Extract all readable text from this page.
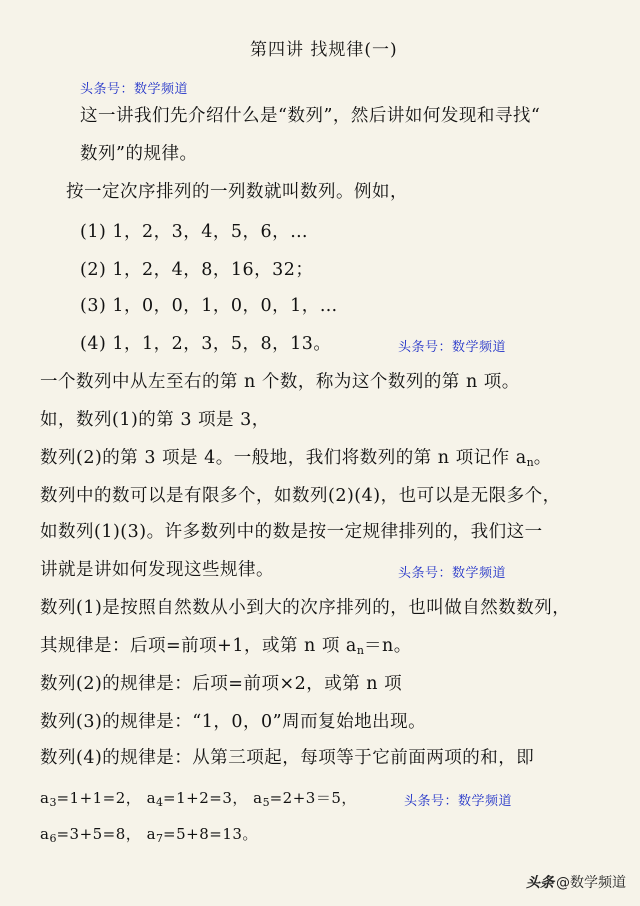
第四讲 找规律(一)
头条号：数学频道
这一讲我们先介绍什么是“数列”，然后讲如何发现和寻找“
数列”的规律。
按一定次序排列的一列数就叫数列。例如，
(1) 1，2，3，4，5，6，…
(2) 1，2，4，8，16，32；
(3) 1，0，0，1，0，0，1，…
(4) 1，1，2，3，5，8，13。	头条号：数学频道
一个数列中从左至右的第 n 个数，称为这个数列的第 n 项。
如，数列(1)的第 3 项是 3，
数列(2)的第 3 项是 4。一般地，我们将数列的第 n 项记作 $a_n$。
数列中的数可以是有限多个，如数列(2)(4)，也可以是无限多个，
如数列(1)(3)。许多数列中的数是按一定规律排列的，我们这一
讲就是讲如何发现这些规律。	头条号：数学频道
数列(1)是按照自然数从小到大的次序排列的，也叫做自然数数列，
其规律是：后项=前项+1，或第 n 项 $a_n=n$。
数列(2)的规律是：后项=前项×2，或第 n 项
数列(3)的规律是：“1，0，0”周而复始地出现。
数列(4)的规律是：从第三项起，每项等于它前面两项的和，即
$a_3=1+1=2$， $a_4=1+2=3$， $a_5=2+3=5$，	头条号：数学频道
$a_6=3+5=8$， $a_7=5+8=13$。
头条 @数学频道
